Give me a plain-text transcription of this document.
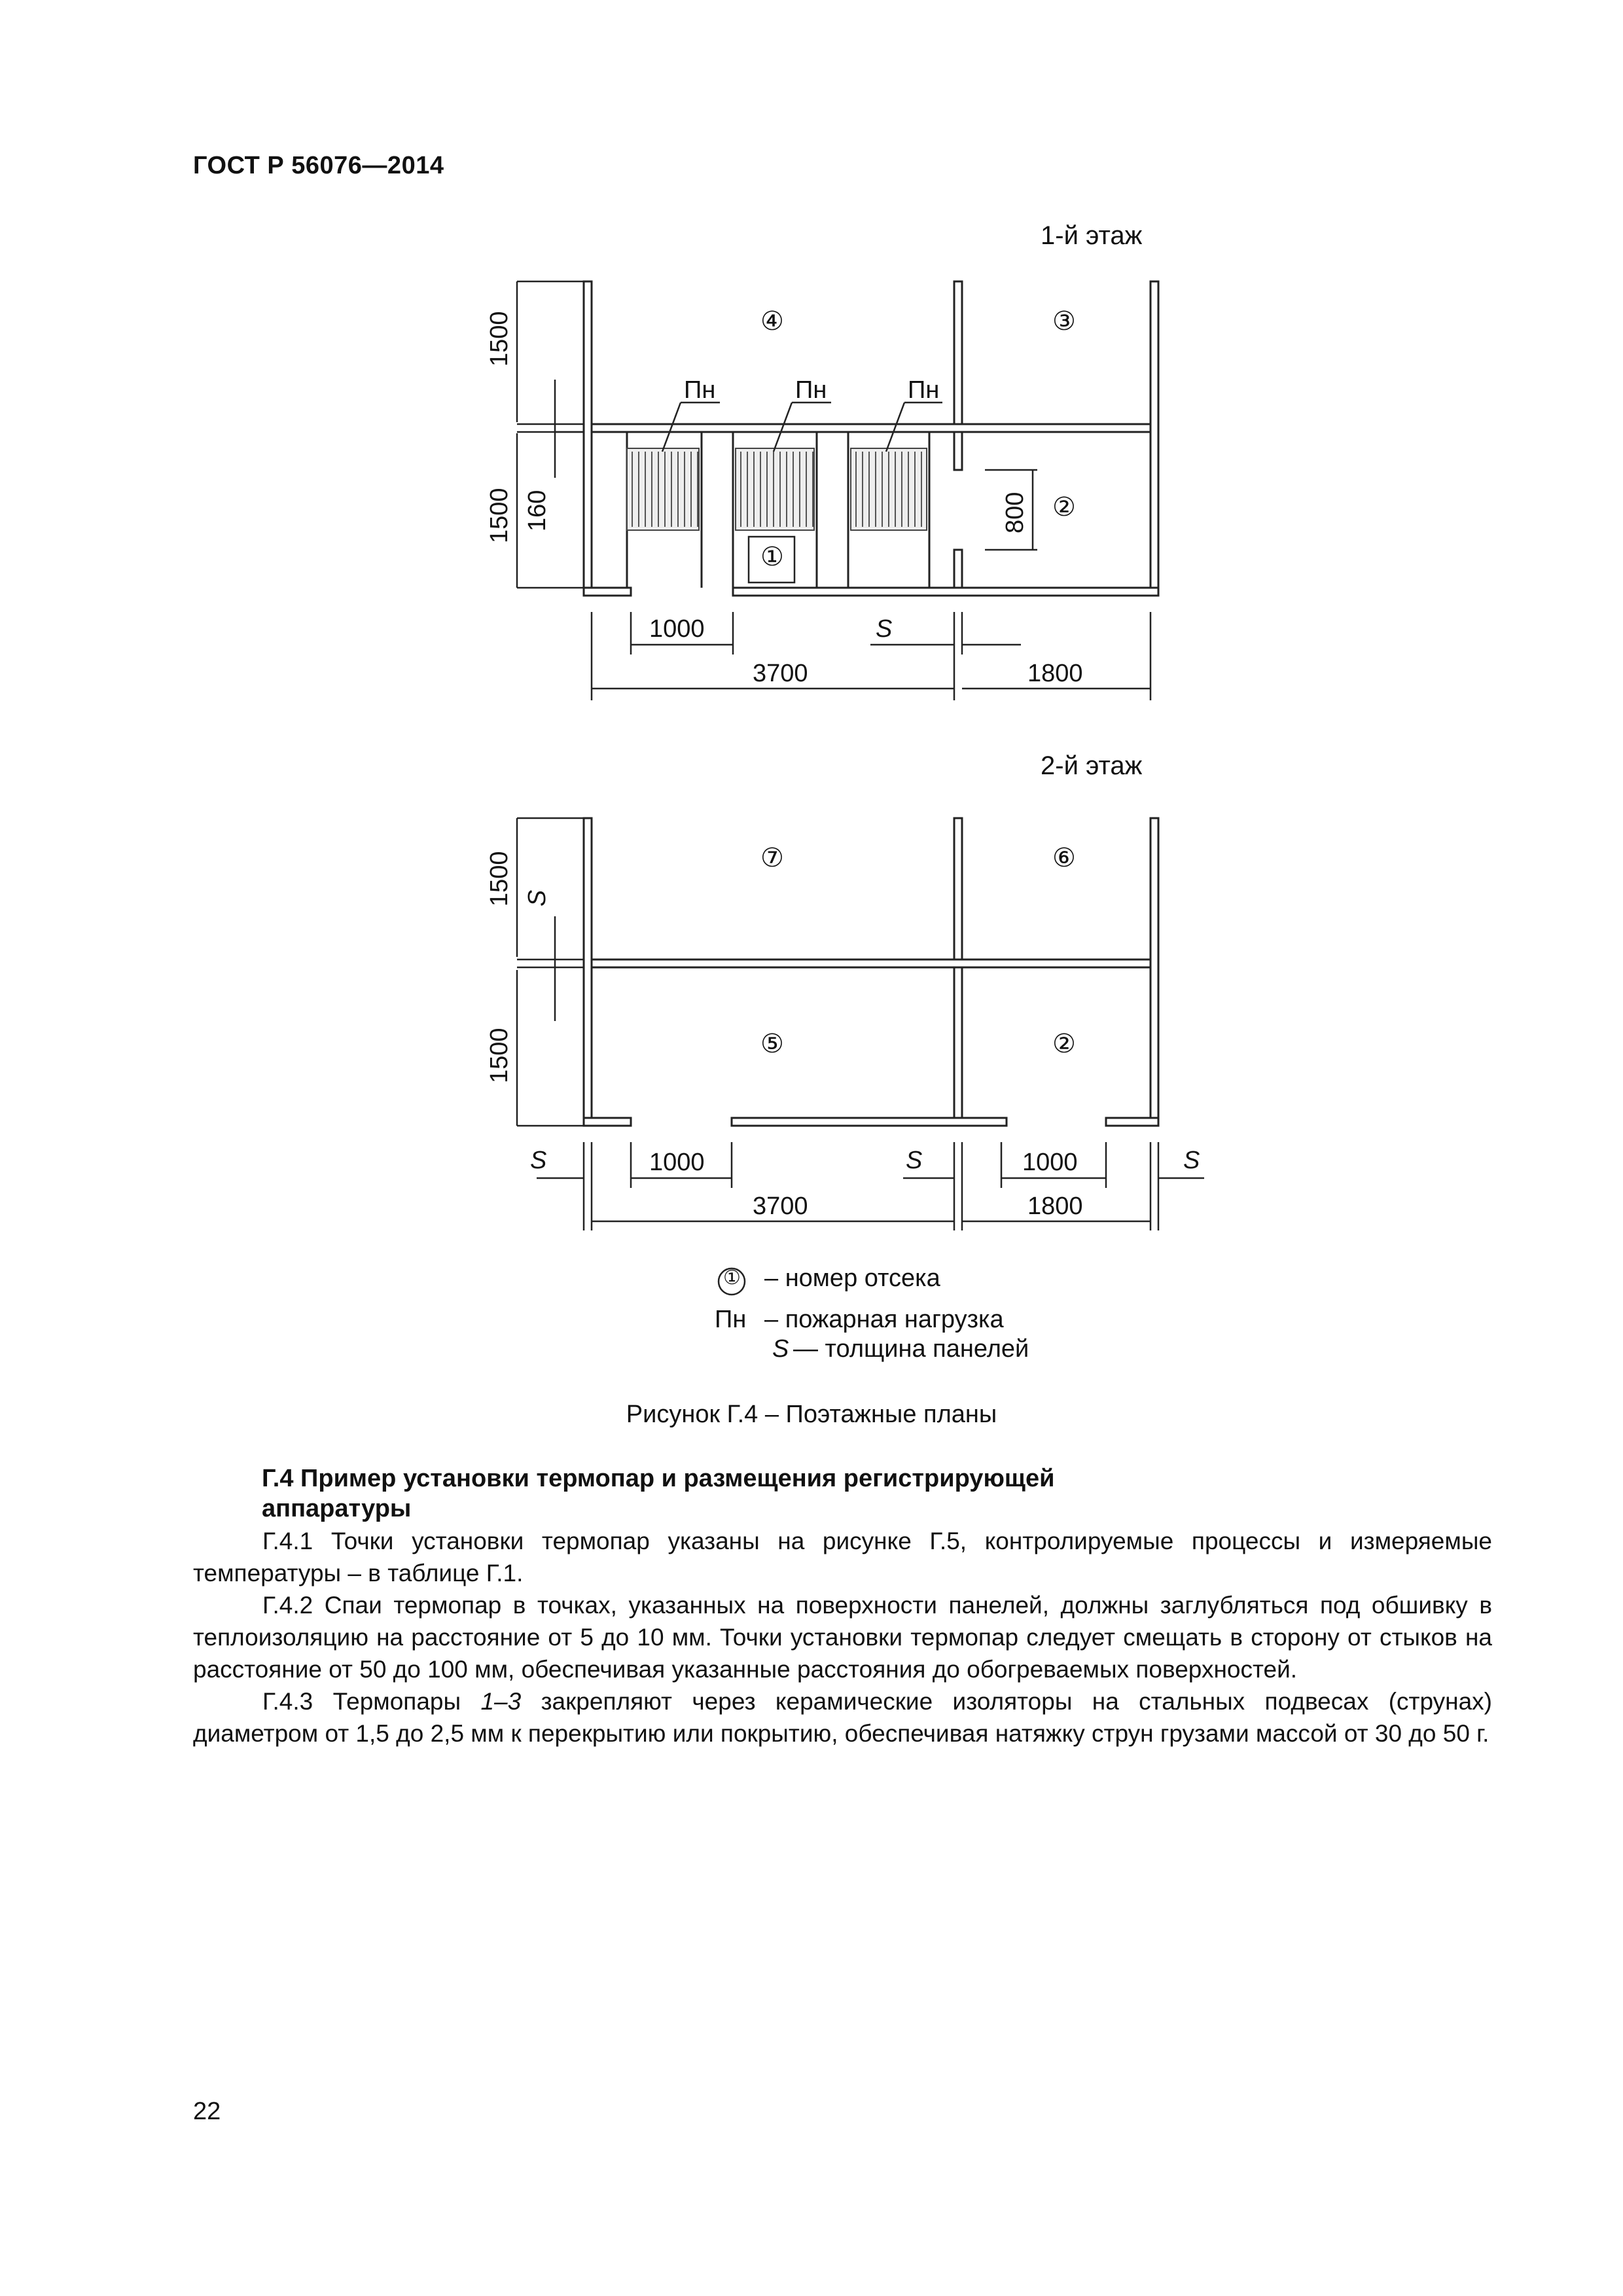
ГОСТ Р 56076—2014
1-й этаж
④	③
②
①
Пн	Пн	Пн
1500
1500 160	800
1000	S
3700	1800
2-й этаж
⑦	⑥
⑤	②
1500
1500
S
S	1000	S	1000	S
3700	1800
① – номер отсека
Пн – пожарная нагрузка
S — толщина панелей
Рисунок Г.4 – Поэтажные планы
Г.4 Пример установки термопар и размещения регистрирующей
аппаратуры

Г.4.1 Точки установки термопар указаны на рисунке Г.5, контролируемые процессы и измеряемые температуры – в таблице Г.1.

Г.4.2 Спаи термопар в точках, указанных на поверхности панелей, должны заглубляться под обшивку в теплоизоляцию на расстояние от 5 до 10 мм. Точки установки термопар следует смещать в сторону от стыков на расстояние от 50 до 100 мм, обеспечивая указанные расстояния до обогреваемых поверхностей.

Г.4.3 Термопары 1–3 закрепляют через керамические изоляторы на стальных подвесах (струнах) диаметром от 1,5 до 2,5 мм к перекрытию или покрытию, обеспечивая натяжку струн грузами массой от 30 до 50 г.

22
